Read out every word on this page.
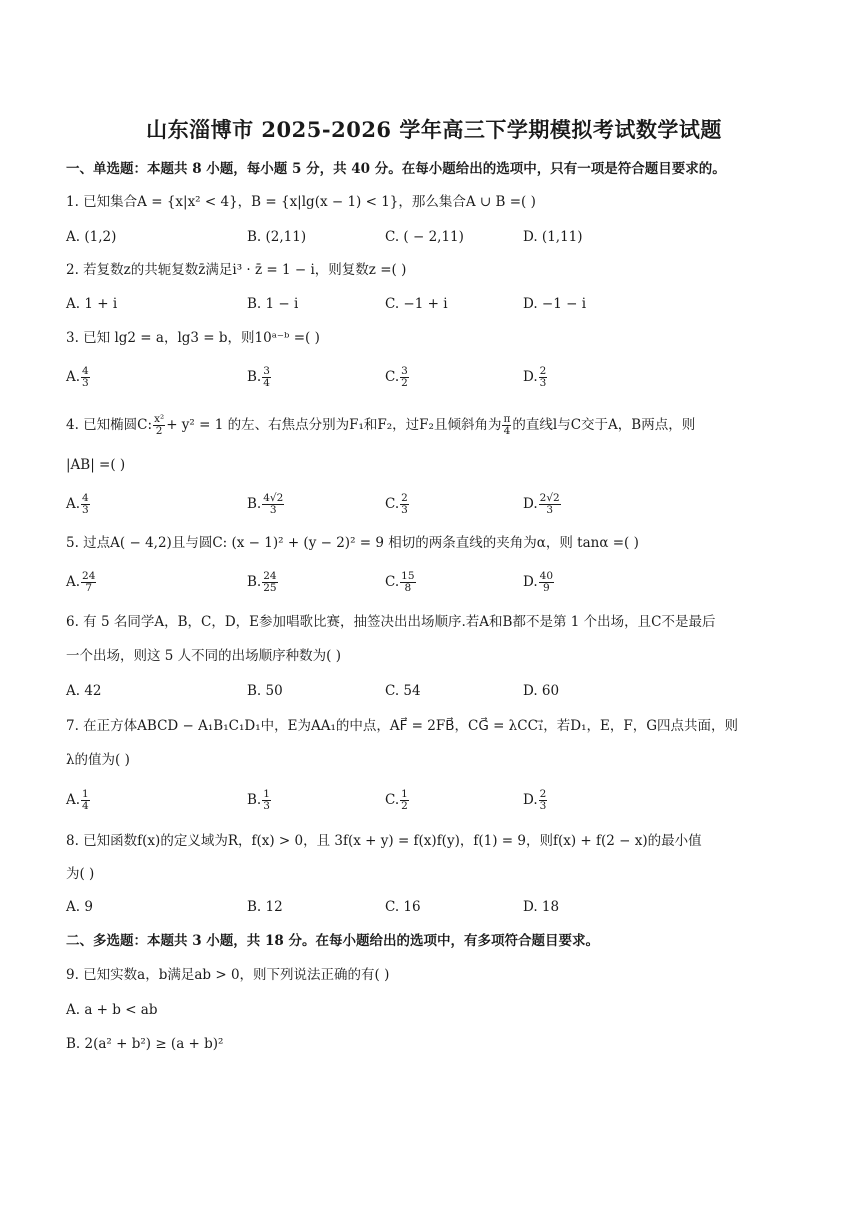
山东淄博市 2025-2026 学年高三下学期模拟考试数学试题
一、单选题：本题共 8 小题，每小题 5 分，共 40 分。在每小题给出的选项中，只有一项是符合题目要求的。
1. 已知集合A = {x|x² < 4}，B = {x|lg(x − 1) < 1}，那么集合A ∪ B =( )
A. (1,2)	B. (2,11)	C. ( − 2,11)	D. (1,11)
2. 若复数z的共轭复数z̄满足i³ · z̄ = 1 − i，则复数z =( )
A. 1 + i	B. 1 − i	C. −1 + i	D. −1 − i
3. 已知 lg2 = a，lg3 = b，则10ᵃ⁻ᵇ =( )
A. $\frac{4}{3}$	B. $\frac{3}{4}$	C. $\frac{3}{2}$	D. $\frac{2}{3}$
4. 已知椭圆C: $\frac{\text{x²}}{2} + y^2 = 1$ 的左、右焦点分别为F₁和F₂，过F₂且倾斜角为 $\frac{\pi}{4}$ 的直线l与C交于A，B两点，则
|AB| =( )
A. $\frac{4}{3}$	B. $\frac{4√2}{3}$	C. $\frac{2}{3}$	D. $\frac{2√2}{3}$
5. 过点A( − 4,2)且与圆C: (x − 1)² + (y − 2)² = 9 相切的两条直线的夹角为α，则 tanα =( )
A. $\frac{24}{7}$	B. $\frac{24}{25}$	C. $\frac{15}{8}$	D. $\frac{40}{9}$
6. 有 5 名同学A，B，C，D，E参加唱歌比赛，抽签决出出场顺序.若A和B都不是第 1 个出场，且C不是最后
一个出场，则这 5 人不同的出场顺序种数为( )
A. 42	B. 50	C. 54	D. 60
7. 在正方体ABCD − A₁B₁C₁D₁中，E为AA₁的中点，AF⃗ = 2FB⃗，CG⃗ = λCC₁⃗，若D₁，E，F，G四点共面，则
λ的值为( )
A. $\frac{1}{4}$	B. $\frac{1}{3}$	C. $\frac{1}{2}$	D. $\frac{2}{3}$
8. 已知函数f(x)的定义域为R，f(x) > 0，且 3f(x + y) = f(x)f(y)，f(1) = 9，则f(x) + f(2 − x)的最小值
为( )
A. 9	B. 12	C. 16	D. 18
二、多选题：本题共 3 小题，共 18 分。在每小题给出的选项中，有多项符合题目要求。
9. 已知实数a，b满足ab > 0，则下列说法正确的有( )
A. a + b < ab
B. 2(a² + b²) ≥ (a + b)²
